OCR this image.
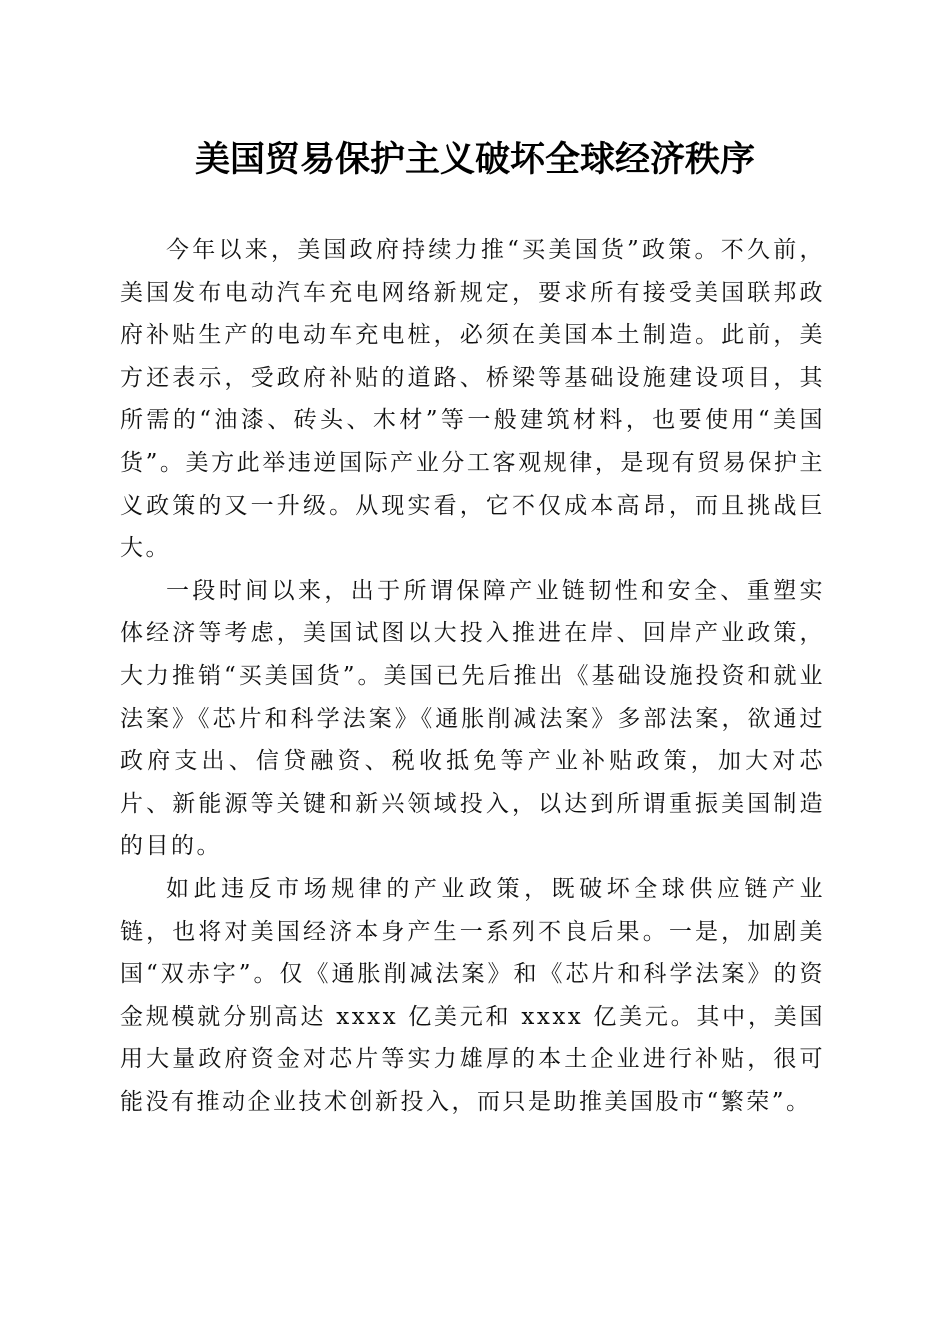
美国贸易保护主义破坏全球经济秩序

今年以来，美国政府持续力推“买美国货”政策。不久前，美国发布电动汽车充电网络新规定，要求所有接受美国联邦政府补贴生产的电动车充电桩，必须在美国本土制造。此前，美方还表示，受政府补贴的道路、桥梁等基础设施建设项目，其所需的“油漆、砖头、木材”等一般建筑材料，也要使用“美国货”。美方此举违逆国际产业分工客观规律，是现有贸易保护主义政策的又一升级。从现实看，它不仅成本高昂，而且挑战巨大。

一段时间以来，出于所谓保障产业链韧性和安全、重塑实体经济等考虑，美国试图以大投入推进在岸、回岸产业政策，大力推销“买美国货”。美国已先后推出《基础设施投资和就业法案》《芯片和科学法案》《通胀削减法案》多部法案，欲通过政府支出、信贷融资、税收抵免等产业补贴政策，加大对芯片、新能源等关键和新兴领域投入，以达到所谓重振美国制造的目的。

如此违反市场规律的产业政策，既破坏全球供应链产业链，也将对美国经济本身产生一系列不良后果。一是，加剧美国“双赤字”。仅《通胀削减法案》和《芯片和科学法案》的资金规模就分别高达 xxxx 亿美元和 xxxx 亿美元。其中，美国用大量政府资金对芯片等实力雄厚的本土企业进行补贴，很可能没有推动企业技术创新投入，而只是助推美国股市“繁荣”。
